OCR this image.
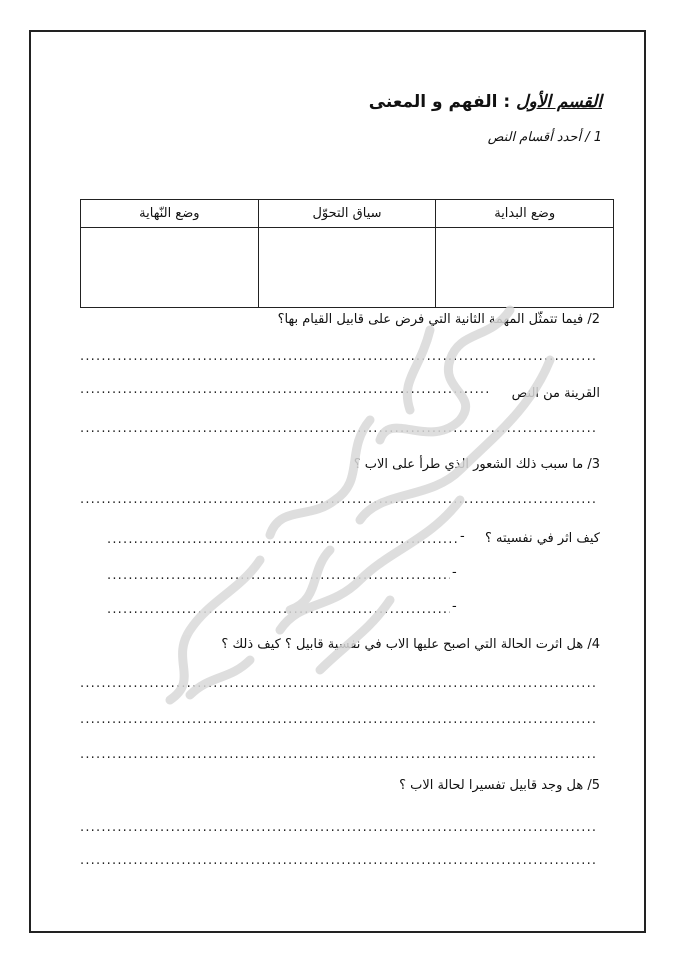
القسم الأول : الفهم و المعنى
1 / أحدد أقسام النص
وضع البداية	سياق التحوّل	وضع النّهاية

2/ فيما تتمثّل المهمة الثانية التي فرض على قابيل القيام بها؟
.....
القرينة من النص
.....
.....
3/ ما سبب ذلك الشعور الذي طرأ على الاب ؟
.....
كيف اثر في نفسيته ؟
-
.....
-
.....
-
.....
4/ هل اثرت الحالة التي اصبح عليها الاب في نفسية قابيل ؟ كيف ذلك ؟
.....
.....
.....
5/ هل وجد قابيل تفسيرا لحالة الاب ؟
.....
.....
